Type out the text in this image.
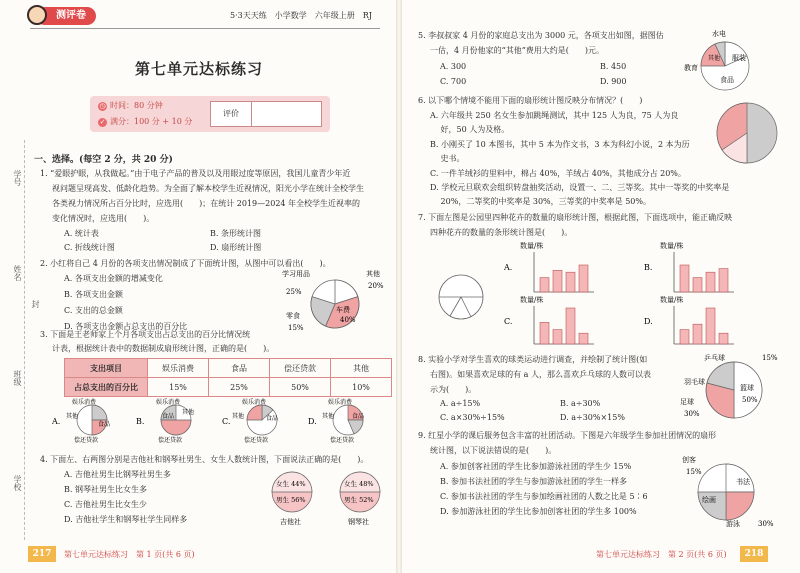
测评卷	5·3天天练　小学数学　六年级上册　RJ
第七单元达标练习
◷ 时间：80 分钟
✓ 满分：100 分 + 10 分
评价
学号
姓名
封
班级
学校
一、选择。(每空 2 分，共 20 分)
1. “爱眼护眼，从我做起。”由于电子产品的普及以及用眼过度等原因，我国儿童青少年近
视问题呈现高发、低龄化趋势。为全面了解本校学生近视情况，阳光小学在统计全校学生
各类视力情况所占百分比时，应选用(　　)；在统计 2019—2024 年全校学生近视率的
变化情况时，应选用(　　)。
A. 统计表	B. 条形统计图
C. 折线统计图	D. 扇形统计图
2. 小红将自己 4 月份的各项支出情况制成了下面统计图，从图中可以看出(　　)。
A. 各项支出金额的增减变化
B. 各项支出金额
C. 支出的总金额
D. 各项支出金额占总支出的百分比
学习用品	其他
20%
25%
车费
40%
零食
15%
3. 下面是王老师家上个月各项支出占总支出的百分比情况统
计表，根据统计表中的数据制成扇形统计图，正确的是(　　)。
支出项目	娱乐消费	食品	偿还贷款	其他
占总支出的百分比	15%	25%	50%	10%
A.
娱乐消费
其他
食品
偿还贷款
B.
娱乐消费
其他
食品
偿还贷款
C.
娱乐消费
其他	食品
偿还贷款
D.
娱乐消费
其他	食品
偿还贷款
4. 下面左、右两图分别是吉他社和钢琴社男生、女生人数统计图，下面说法正确的是(　　)。
A. 吉他社男生比钢琴社男生多
B. 钢琴社男生比女生多
C. 吉他社男生比女生少
D. 吉他社学生和钢琴社学生同样多
女生 44%
男生 56%
吉他社
女生 48%
男生 52%
钢琴社
217	第七单元达标练习　第 1 页(共 6 页)
5. 李叔叔家 4 月份的家庭总支出为 3000 元，各项支出如图，据图估
一估，4 月份他家的“其他”费用大约是(　　)元。
A. 300	B. 450
C. 700	D. 900
水电
教育
其他 服装
食品
6. 以下哪个情境不能用下面的扇形统计图反映分布情况？(　　)
A. 六年级共 250 名女生参加跳绳测试，其中 125 人为良，75 人为良
　 好，50 人为及格。
B. 小刚买了 10 本图书，其中 5 本为作文书，3 本为科幻小说，2 本为历
　 史书。
C. 一件羊绒衫的里料中，棉占 40%，羊绒占 40%，其他成分占 20%。
D. 学校元旦联欢会组织转盘抽奖活动，设置一、二、三等奖。其中一等奖的中奖率是
　 20%，二等奖的中奖率是 30%，三等奖的中奖率是 50%。
7. 下面左图是公园里四种花卉的数量的扇形统计图，根据此图，下面选项中，能正确反映
四种花卉的数量的条形统计图是(　　)。
A.
数量/株
B.
数量/株
C.
数量/株
D.
数量/株
8. 实验小学对学生喜欢的球类运动进行调查，并绘制了统计图(如
右图)。如果喜欢足球的有 a 人，那么喜欢乒乓球的人数可以表
示为(　　)。
A. a÷15%	B. a÷30%
C. a×30%÷15%	D. a÷30%×15%
乒乓球	15%
羽毛球
篮球
50%
足球
30%
9. 红星小学的课后服务包含丰富的社团活动。下图是六年级学生参加社团情况的扇形
统计图，以下说法错误的是(　　)。
A. 参加创客社团的学生比参加游泳社团的学生少 15%
B. 参加书法社团的学生与参加游泳社团的学生一样多
C. 参加书法社团的学生与参加绘画社团的人数之比是 5∶6
D. 参加游泳社团的学生比参加创客社团的学生多 100%
创客
15%
书法
绘画
游泳	30%
第七单元达标练习　第 2 页(共 6 页)	218
